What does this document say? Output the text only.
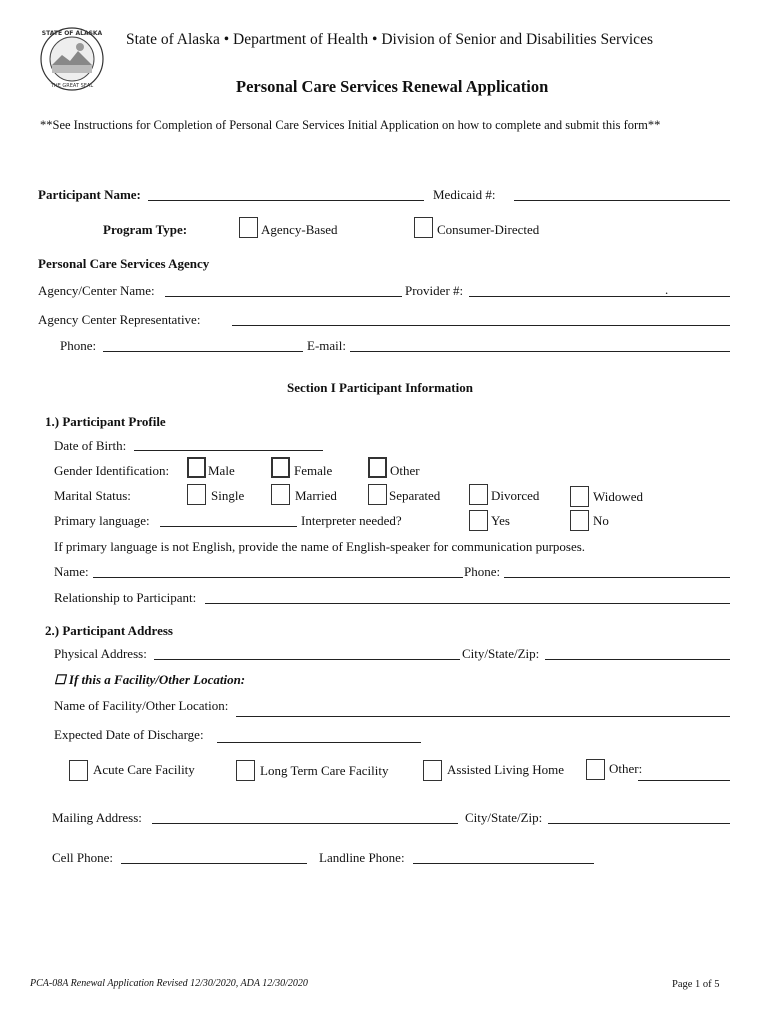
STATE OF ALASKA
THE GREAT SEAL
State of Alaska • Department of Health • Division of Senior and Disabilities Services
Personal Care Services Renewal Application
**See Instructions for Completion of Personal Care Services Initial Application on how to complete and submit this form**
Participant Name:	Medicaid #:
Program Type:	Agency-Based	Consumer-Directed
Personal Care Services Agency
Agency/Center Name:	Provider #:	.
Agency Center Representative:
Phone:	E-mail:
Section I Participant Information
1.) Participant Profile
Date of Birth:
Gender Identification:	Male	Female	Other
Marital Status:	Single	Married	Separated	Divorced	Widowed
Primary language:	Interpreter needed?	Yes	No
If primary language is not English, provide the name of English-speaker for communication purposes.
Name:	Phone:
Relationship to Participant:
2.) Participant Address
Physical Address:	City/State/Zip:
☐ If this a Facility/Other Location:
Name of Facility/Other Location:
Expected Date of Discharge:
Acute Care Facility	Long Term Care Facility	Assisted Living Home	Other:
Mailing Address:	City/State/Zip:
Cell Phone:	Landline Phone:
PCA-08A Renewal Application Revised 12/30/2020, ADA 12/30/2020	Page 1 of 5
